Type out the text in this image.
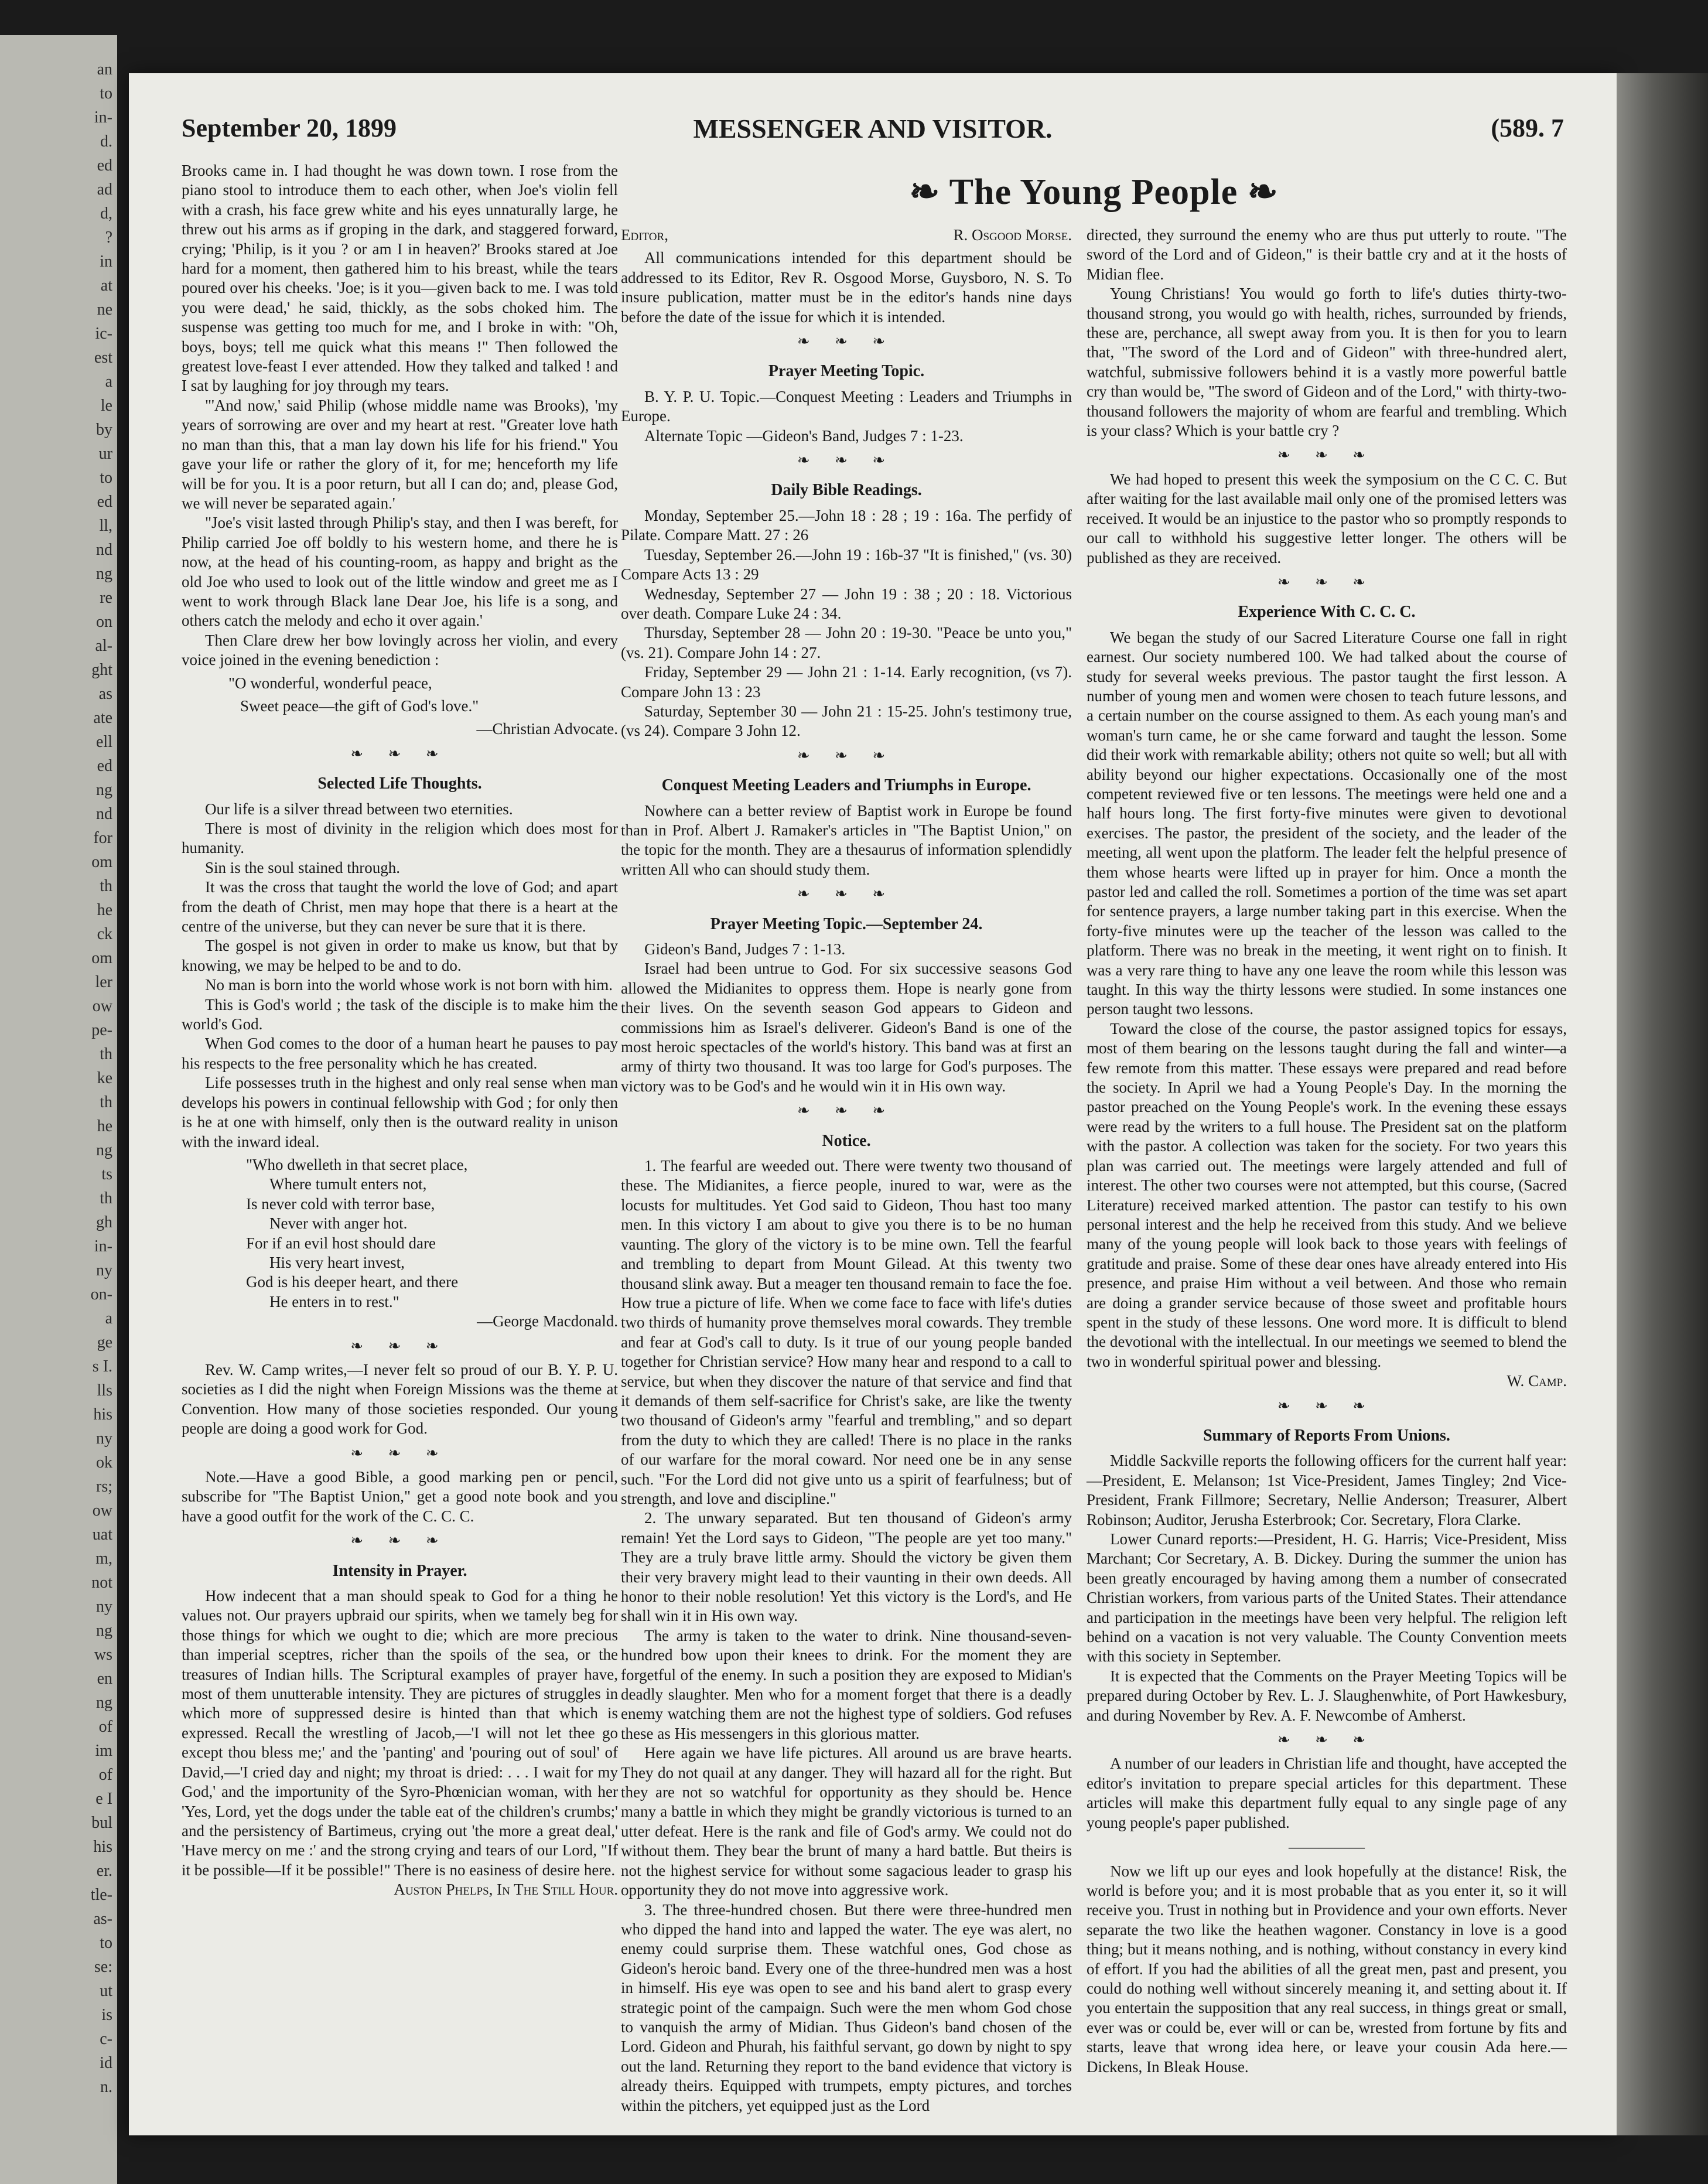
an
to
in-
d.
ed
ad
d,
?
in
at
ne
ic-
est
a
le
by
ur
to
ed
ll,
nd
ng
re
on
al-
ght
as
ate
ell
ed
ng
nd
for
om
th
he
ck
om
ler
ow
pe-
th
ke
th
he
ng
ts
th
gh
in-
ny
on-
a
ge
s I.
lls
his
ny
ok
rs;
ow
uat
m,
not
ny
ng
ws
en
ng
of
im
of
e I
bul
his
er.
tle-
as-
to
se:
ut
is
c-
id
n.
September 20, 1899	MESSENGER AND VISITOR.	(589. 7
❧ The Young People ❧

Brooks came in. I had thought he was down town. I rose from the piano stool to introduce them to each other, when Joe's violin fell with a crash, his face grew white and his eyes unnaturally large, he threw out his arms as if groping in the dark, and staggered forward, crying; 'Philip, is it you ? or am I in heaven?' Brooks stared at Joe hard for a moment, then gathered him to his breast, while the tears poured over his cheeks. 'Joe; is it you—given back to me. I was told you were dead,' he said, thickly, as the sobs choked him. The suspense was getting too much for me, and I broke in with: "Oh, boys, boys; tell me quick what this means !" Then followed the greatest love-feast I ever attended. How they talked and talked ! and I sat by laughing for joy through my tears.

"'And now,' said Philip (whose middle name was Brooks), 'my years of sorrowing are over and my heart at rest. "Greater love hath no man than this, that a man lay down his life for his friend." You gave your life or rather the glory of it, for me; henceforth my life will be for you. It is a poor return, but all I can do; and, please God, we will never be separated again.'

"Joe's visit lasted through Philip's stay, and then I was bereft, for Philip carried Joe off boldly to his western home, and there he is now, at the head of his counting-room, as happy and bright as the old Joe who used to look out of the little window and greet me as I went to work through Black lane Dear Joe, his life is a song, and others catch the melody and echo it over again.'

Then Clare drew her bow lovingly across her violin, and every voice joined in the evening benediction :

"O wonderful, wonderful peace,

Sweet peace—the gift of God's love."

—Christian Advocate.

❧ ❧ ❧

Selected Life Thoughts.

Our life is a silver thread between two eternities.

There is most of divinity in the religion which does most for humanity.

Sin is the soul stained through.

It was the cross that taught the world the love of God; and apart from the death of Christ, men may hope that there is a heart at the centre of the universe, but they can never be sure that it is there.

The gospel is not given in order to make us know, but that by knowing, we may be helped to be and to do.

No man is born into the world whose work is not born with him.

This is God's world ; the task of the disciple is to make him the world's God.

When God comes to the door of a human heart he pauses to pay his respects to the free personality which he has created.

Life possesses truth in the highest and only real sense when man develops his powers in continual fellowship with God ; for only then is he at one with himself, only then is the outward reality in unison with the inward ideal.

"Who dwelleth in that secret place,

Where tumult enters not,

Is never cold with terror base,

Never with anger hot.

For if an evil host should dare

His very heart invest,

God is his deeper heart, and there

He enters in to rest."

—George Macdonald.

❧ ❧ ❧

Rev. W. Camp writes,—I never felt so proud of our B. Y. P. U. societies as I did the night when Foreign Missions was the theme at Convention. How many of those societies responded. Our young people are doing a good work for God.

❧ ❧ ❧

Note.—Have a good Bible, a good marking pen or pencil, subscribe for "The Baptist Union," get a good note book and you have a good outfit for the work of the C. C. C.

❧ ❧ ❧

Intensity in Prayer.

How indecent that a man should speak to God for a thing he values not. Our prayers upbraid our spirits, when we tamely beg for those things for which we ought to die; which are more precious than imperial sceptres, richer than the spoils of the sea, or the treasures of Indian hills. The Scriptural examples of prayer have, most of them unutterable intensity. They are pictures of struggles in which more of suppressed desire is hinted than that which is expressed. Recall the wrestling of Jacob,—'I will not let thee go except thou bless me;' and the 'panting' and 'pouring out of soul' of David,—'I cried day and night; my throat is dried: . . . I wait for my God,' and the importunity of the Syro-Phœnician woman, with her 'Yes, Lord, yet the dogs under the table eat of the children's crumbs;' and the persistency of Bartimeus, crying out 'the more a great deal,' 'Have mercy on me :' and the strong crying and tears of our Lord, "If it be possible—If it be possible!" There is no easiness of desire here.

Auston Phelps, In The Still Hour.

Editor,	R. Osgood Morse.

All communications intended for this department should be addressed to its Editor, Rev R. Osgood Morse, Guysboro, N. S. To insure publication, matter must be in the editor's hands nine days before the date of the issue for which it is intended.

❧ ❧ ❧

Prayer Meeting Topic.

B. Y. P. U. Topic.—Conquest Meeting : Leaders and Triumphs in Europe.

Alternate Topic —Gideon's Band, Judges 7 : 1-23.

❧ ❧ ❧

Daily Bible Readings.

Monday, September 25.—John 18 : 28 ; 19 : 16a. The perfidy of Pilate. Compare Matt. 27 : 26

Tuesday, September 26.—John 19 : 16b-37 "It is finished," (vs. 30) Compare Acts 13 : 29

Wednesday, September 27 — John 19 : 38 ; 20 : 18. Victorious over death. Compare Luke 24 : 34.

Thursday, September 28 — John 20 : 19-30. "Peace be unto you," (vs. 21). Compare John 14 : 27.

Friday, September 29 — John 21 : 1-14. Early recognition, (vs 7). Compare John 13 : 23

Saturday, September 30 — John 21 : 15-25. John's testimony true, (vs 24). Compare 3 John 12.

❧ ❧ ❧

Conquest Meeting Leaders and Triumphs in Europe.

Nowhere can a better review of Baptist work in Europe be found than in Prof. Albert J. Ramaker's articles in "The Baptist Union," on the topic for the month. They are a thesaurus of information splendidly written All who can should study them.

❧ ❧ ❧

Prayer Meeting Topic.—September 24.

Gideon's Band, Judges 7 : 1-13.

Israel had been untrue to God. For six successive seasons God allowed the Midianites to oppress them. Hope is nearly gone from their lives. On the seventh season God appears to Gideon and commissions him as Israel's deliverer. Gideon's Band is one of the most heroic spectacles of the world's history. This band was at first an army of thirty two thousand. It was too large for God's purposes. The victory was to be God's and he would win it in His own way.

❧ ❧ ❧

Notice.

1. The fearful are weeded out. There were twenty two thousand of these. The Midianites, a fierce people, inured to war, were as the locusts for multitudes. Yet God said to Gideon, Thou hast too many men. In this victory I am about to give you there is to be no human vaunting. The glory of the victory is to be mine own. Tell the fearful and trembling to depart from Mount Gilead. At this twenty two thousand slink away. But a meager ten thousand remain to face the foe. How true a picture of life. When we come face to face with life's duties two thirds of humanity prove themselves moral cowards. They tremble and fear at God's call to duty. Is it true of our young people banded together for Christian service? How many hear and respond to a call to service, but when they discover the nature of that service and find that it demands of them self-sacrifice for Christ's sake, are like the twenty two thousand of Gideon's army "fearful and trembling," and so depart from the duty to which they are called! There is no place in the ranks of our warfare for the moral coward. Nor need one be in any sense such. "For the Lord did not give unto us a spirit of fearfulness; but of strength, and love and discipline."

2. The unwary separated. But ten thousand of Gideon's army remain! Yet the Lord says to Gideon, "The people are yet too many." They are a truly brave little army. Should the victory be given them their very bravery might lead to their vaunting in their own deeds. All honor to their noble resolution! Yet this victory is the Lord's, and He shall win it in His own way.

The army is taken to the water to drink. Nine thousand-seven-hundred bow upon their knees to drink. For the moment they are forgetful of the enemy. In such a position they are exposed to Midian's deadly slaughter. Men who for a moment forget that there is a deadly enemy watching them are not the highest type of soldiers. God refuses these as His messengers in this glorious matter.

Here again we have life pictures. All around us are brave hearts. They do not quail at any danger. They will hazard all for the right. But they are not so watchful for opportunity as they should be. Hence many a battle in which they might be grandly victorious is turned to an utter defeat. Here is the rank and file of God's army. We could not do without them. They bear the brunt of many a hard battle. But theirs is not the highest service for without some sagacious leader to grasp his opportunity they do not move into aggressive work.

3. The three-hundred chosen. But there were three-hundred men who dipped the hand into and lapped the water. The eye was alert, no enemy could surprise them. These watchful ones, God chose as Gideon's heroic band. Every one of the three-hundred men was a host in himself. His eye was open to see and his band alert to grasp every strategic point of the campaign. Such were the men whom God chose to vanquish the army of Midian. Thus Gideon's band chosen of the Lord. Gideon and Phurah, his faithful servant, go down by night to spy out the land. Returning they report to the band evidence that victory is already theirs. Equipped with trumpets, empty pictures, and torches within the pitchers, yet equipped just as the Lord

directed, they surround the enemy who are thus put utterly to route. "The sword of the Lord and of Gideon," is their battle cry and at it the hosts of Midian flee.

Young Christians! You would go forth to life's duties thirty-two-thousand strong, you would go with health, riches, surrounded by friends, these are, perchance, all swept away from you. It is then for you to learn that, "The sword of the Lord and of Gideon" with three-hundred alert, watchful, submissive followers behind it is a vastly more powerful battle cry than would be, "The sword of Gideon and of the Lord," with thirty-two-thousand followers the majority of whom are fearful and trembling. Which is your class? Which is your battle cry ?

❧ ❧ ❧

We had hoped to present this week the symposium on the C C. C. But after waiting for the last available mail only one of the promised letters was received. It would be an injustice to the pastor who so promptly responds to our call to withhold his suggestive letter longer. The others will be published as they are received.

❧ ❧ ❧

Experience With C. C. C.

We began the study of our Sacred Literature Course one fall in right earnest. Our society numbered 100. We had talked about the course of study for several weeks previous. The pastor taught the first lesson. A number of young men and women were chosen to teach future lessons, and a certain number on the course assigned to them. As each young man's and woman's turn came, he or she came forward and taught the lesson. Some did their work with remarkable ability; others not quite so well; but all with ability beyond our higher expectations. Occasionally one of the most competent reviewed five or ten lessons. The meetings were held one and a half hours long. The first forty-five minutes were given to devotional exercises. The pastor, the president of the society, and the leader of the meeting, all went upon the platform. The leader felt the helpful presence of them whose hearts were lifted up in prayer for him. Once a month the pastor led and called the roll. Sometimes a portion of the time was set apart for sentence prayers, a large number taking part in this exercise. When the forty-five minutes were up the teacher of the lesson was called to the platform. There was no break in the meeting, it went right on to finish. It was a very rare thing to have any one leave the room while this lesson was taught. In this way the thirty lessons were studied. In some instances one person taught two lessons.

Toward the close of the course, the pastor assigned topics for essays, most of them bearing on the lessons taught during the fall and winter—a few remote from this matter. These essays were prepared and read before the society. In April we had a Young People's Day. In the morning the pastor preached on the Young People's work. In the evening these essays were read by the writers to a full house. The President sat on the platform with the pastor. A collection was taken for the society. For two years this plan was carried out. The meetings were largely attended and full of interest. The other two courses were not attempted, but this course, (Sacred Literature) received marked attention. The pastor can testify to his own personal interest and the help he received from this study. And we believe many of the young people will look back to those years with feelings of gratitude and praise. Some of these dear ones have already entered into His presence, and praise Him without a veil between. And those who remain are doing a grander service because of those sweet and profitable hours spent in the study of these lessons. One word more. It is difficult to blend the devotional with the intellectual. In our meetings we seemed to blend the two in wonderful spiritual power and blessing.

W. Camp.

❧ ❧ ❧

Summary of Reports From Unions.

Middle Sackville reports the following officers for the current half year:—President, E. Melanson; 1st Vice-President, James Tingley; 2nd Vice-President, Frank Fillmore; Secretary, Nellie Anderson; Treasurer, Albert Robinson; Auditor, Jerusha Esterbrook; Cor. Secretary, Flora Clarke.

Lower Cunard reports:—President, H. G. Harris; Vice-President, Miss Marchant; Cor Secretary, A. B. Dickey. During the summer the union has been greatly encouraged by having among them a number of consecrated Christian workers, from various parts of the United States. Their attendance and participation in the meetings have been very helpful. The religion left behind on a vacation is not very valuable. The County Convention meets with this society in September.

It is expected that the Comments on the Prayer Meeting Topics will be prepared during October by Rev. L. J. Slaughenwhite, of Port Hawkesbury, and during November by Rev. A. F. Newcombe of Amherst.

❧ ❧ ❧

A number of our leaders in Christian life and thought, have accepted the editor's invitation to prepare special articles for this department. These articles will make this department fully equal to any single page of any young people's paper published.

—————

Now we lift up our eyes and look hopefully at the distance! Risk, the world is before you; and it is most probable that as you enter it, so it will receive you. Trust in nothing but in Providence and your own efforts. Never separate the two like the heathen wagoner. Constancy in love is a good thing; but it means nothing, and is nothing, without constancy in every kind of effort. If you had the abilities of all the great men, past and present, you could do nothing well without sincerely meaning it, and setting about it. If you entertain the supposition that any real success, in things great or small, ever was or could be, ever will or can be, wrested from fortune by fits and starts, leave that wrong idea here, or leave your cousin Ada here.—Dickens, In Bleak House.
